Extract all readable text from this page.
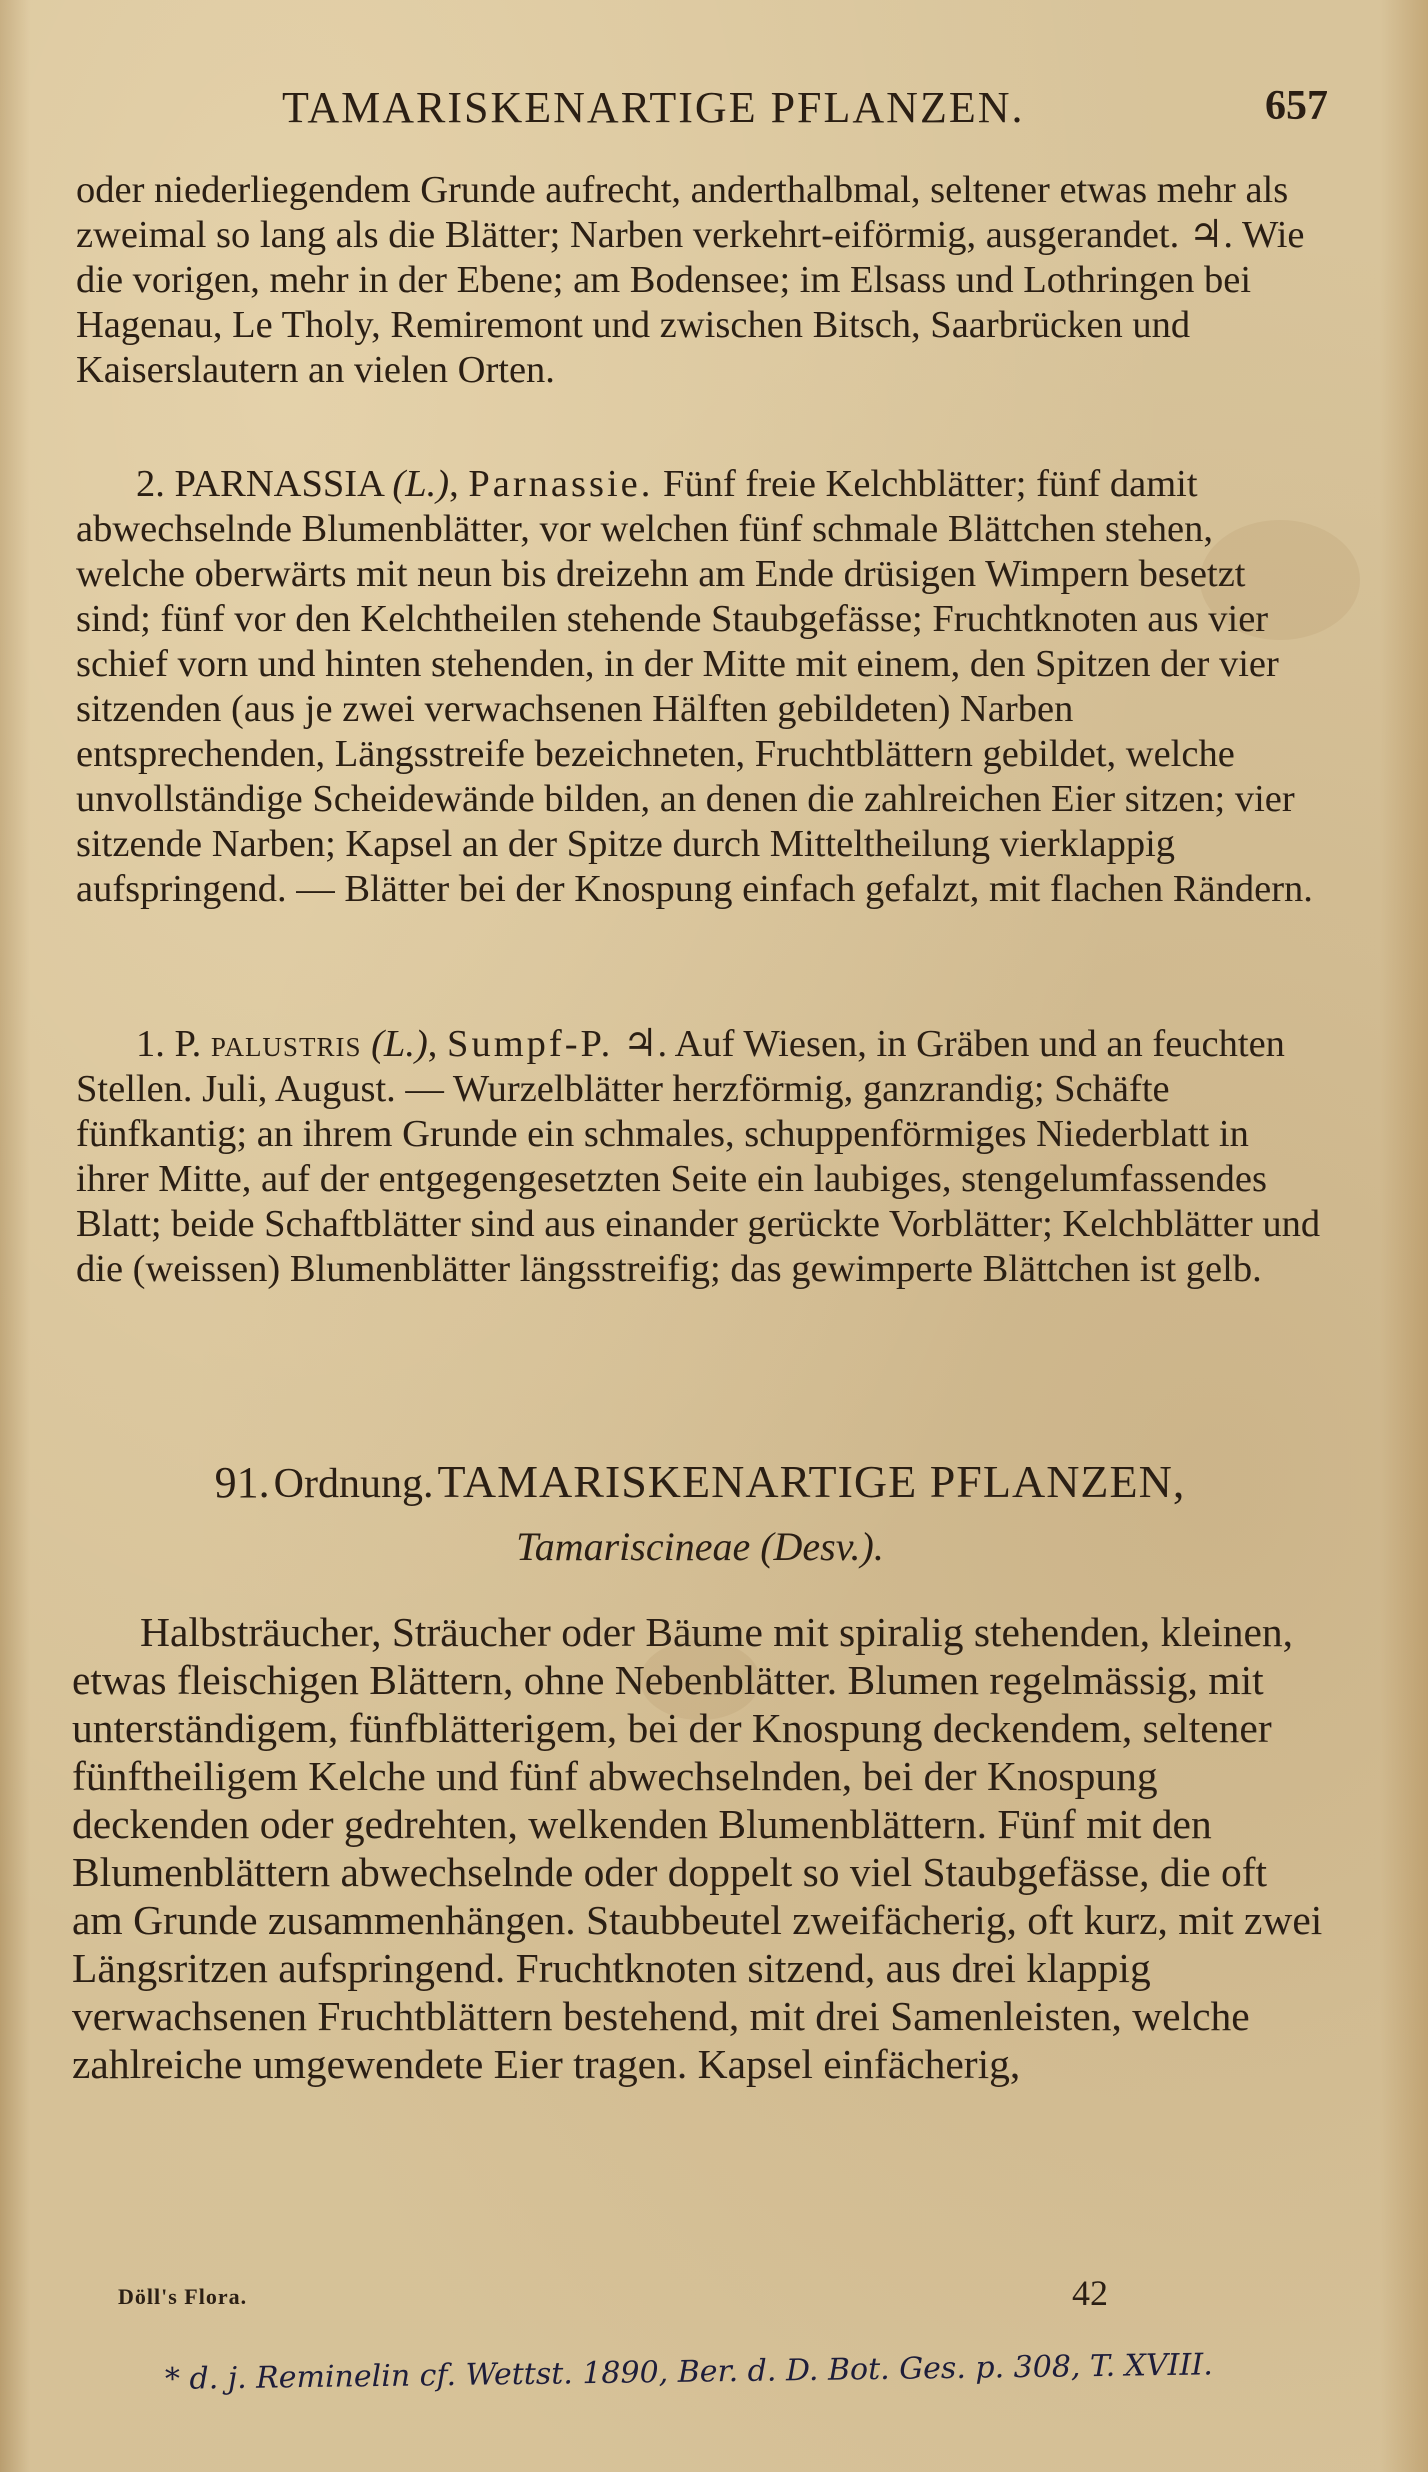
TAMARISKENARTIGE PFLANZEN.	657
oder niederliegendem Grunde aufrecht, anderthalbmal, seltener etwas mehr als zweimal so lang als die Blätter; Narben verkehrt-eiförmig, ausgerandet. ♃. Wie die vorigen, mehr in der Ebene; am Bodensee; im Elsass und Lothringen bei Hagenau, Le Tholy, Remiremont und zwischen Bitsch, Saarbrücken und Kaiserslautern an vielen Orten.
2. PARNASSIA (L.), Parnassie. Fünf freie Kelchblätter; fünf damit abwechselnde Blumenblätter, vor welchen fünf schmale Blättchen stehen, welche oberwärts mit neun bis dreizehn am Ende drüsigen Wimpern besetzt sind; fünf vor den Kelchtheilen stehende Staubgefässe; Fruchtknoten aus vier schief vorn und hinten stehenden, in der Mitte mit einem, den Spitzen der vier sitzenden (aus je zwei verwachsenen Hälften gebildeten) Narben entsprechenden, Längsstreife bezeichneten, Fruchtblättern gebildet, welche unvollständige Scheidewände bilden, an denen die zahlreichen Eier sitzen; vier sitzende Narben; Kapsel an der Spitze durch Mitteltheilung vierklappig aufspringend. — Blätter bei der Knospung einfach gefalzt, mit flachen Rändern.
1. P. palustris (L.), Sumpf-P. ♃. Auf Wiesen, in Gräben und an feuchten Stellen. Juli, August. — Wurzelblätter herzförmig, ganzrandig; Schäfte fünfkantig; an ihrem Grunde ein schmales, schuppenförmiges Niederblatt in ihrer Mitte, auf der entgegengesetzten Seite ein laubiges, stengelumfassendes Blatt; beide Schaftblätter sind aus einander gerückte Vorblätter; Kelchblätter und die (weissen) Blumenblätter längsstreifig; das gewimperte Blättchen ist gelb.
91. Ordnung. TAMARISKENARTIGE PFLANZEN,
Tamariscineae (Desv.).
Halbsträucher, Sträucher oder Bäume mit spiralig stehenden, kleinen, etwas fleischigen Blättern, ohne Nebenblätter. Blumen regelmässig, mit unterständigem, fünfblätterigem, bei der Knospung deckendem, seltener fünftheiligem Kelche und fünf abwechselnden, bei der Knospung deckenden oder gedrehten, welkenden Blumenblättern. Fünf mit den Blumenblättern abwechselnde oder doppelt so viel Staubgefässe, die oft am Grunde zusammenhängen. Staubbeutel zweifächerig, oft kurz, mit zwei Längsritzen aufspringend. Fruchtknoten sitzend, aus drei klappig verwachsenen Fruchtblättern bestehend, mit drei Samenleisten, welche zahlreiche umgewendete Eier tragen. Kapsel einfächerig,
Döll's Flora.	42
* d. j. Reminelin cf. Wettst. 1890, Ber. d. D. Bot. Ges. p. 308, T. XVIII.
